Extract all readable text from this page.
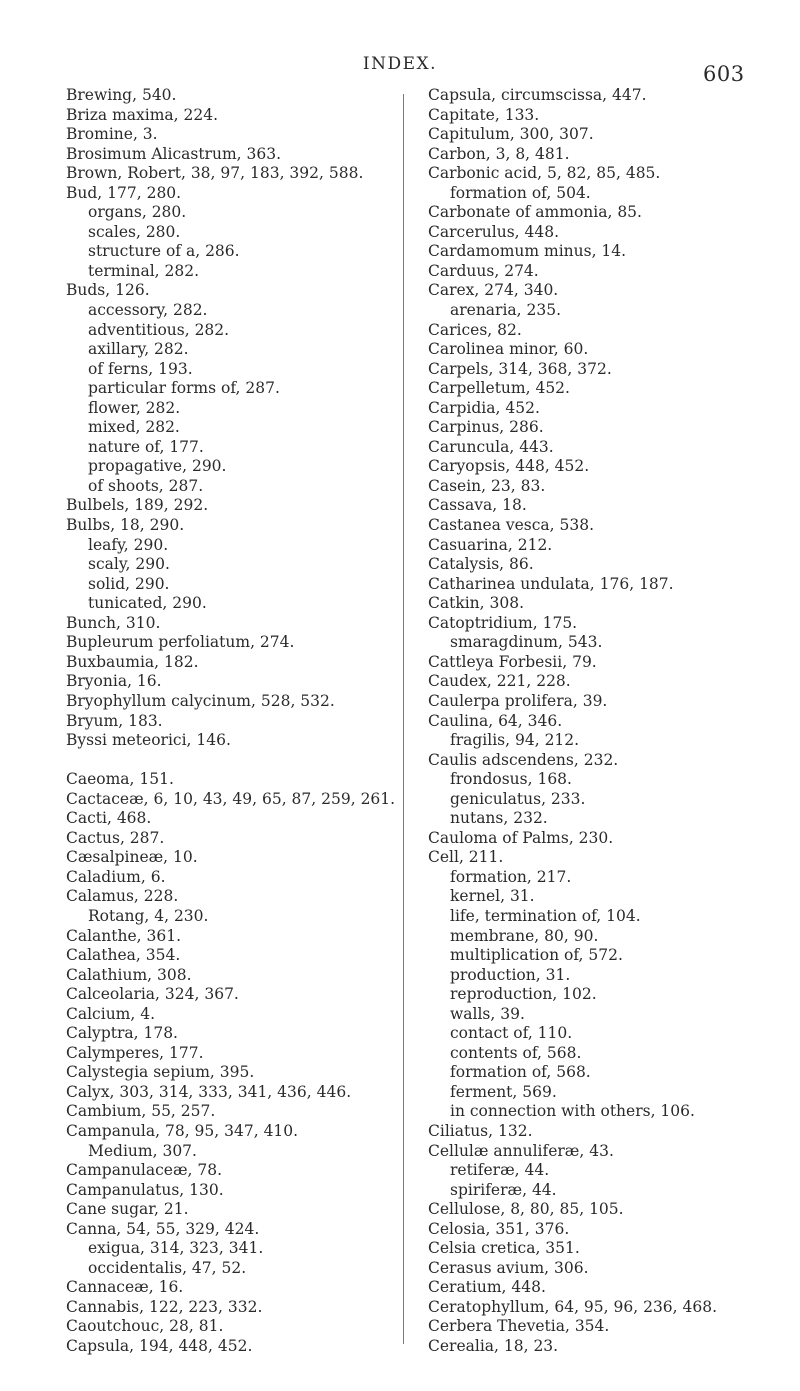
INDEX.	603
Brewing, 540.
Briza maxima, 224.
Bromine, 3.
Brosimum Alicastrum, 363.
Brown, Robert, 38, 97, 183, 392, 588.
Bud, 177, 280.
organs, 280.
scales, 280.
structure of a, 286.
terminal, 282.
Buds, 126.
accessory, 282.
adventitious, 282.
axillary, 282.
of ferns, 193.
particular forms of, 287.
flower, 282.
mixed, 282.
nature of, 177.
propagative, 290.
of shoots, 287.
Bulbels, 189, 292.
Bulbs, 18, 290.
leafy, 290.
scaly, 290.
solid, 290.
tunicated, 290.
Bunch, 310.
Bupleurum perfoliatum, 274.
Buxbaumia, 182.
Bryonia, 16.
Bryophyllum calycinum, 528, 532.
Bryum, 183.
Byssi meteorici, 146.
Caeoma, 151.
Cactaceæ, 6, 10, 43, 49, 65, 87, 259, 261.
Cacti, 468.
Cactus, 287.
Cæsalpineæ, 10.
Caladium, 6.
Calamus, 228.
Rotang, 4, 230.
Calanthe, 361.
Calathea, 354.
Calathium, 308.
Calceolaria, 324, 367.
Calcium, 4.
Calyptra, 178.
Calymperes, 177.
Calystegia sepium, 395.
Calyx, 303, 314, 333, 341, 436, 446.
Cambium, 55, 257.
Campanula, 78, 95, 347, 410.
Medium, 307.
Campanulaceæ, 78.
Campanulatus, 130.
Cane sugar, 21.
Canna, 54, 55, 329, 424.
exigua, 314, 323, 341.
occidentalis, 47, 52.
Cannaceæ, 16.
Cannabis, 122, 223, 332.
Caoutchouc, 28, 81.
Capsula, 194, 448, 452.
Capsula, circumscissa, 447.
Capitate, 133.
Capitulum, 300, 307.
Carbon, 3, 8, 481.
Carbonic acid, 5, 82, 85, 485.
formation of, 504.
Carbonate of ammonia, 85.
Carcerulus, 448.
Cardamomum minus, 14.
Carduus, 274.
Carex, 274, 340.
arenaria, 235.
Carices, 82.
Carolinea minor, 60.
Carpels, 314, 368, 372.
Carpelletum, 452.
Carpidia, 452.
Carpinus, 286.
Caruncula, 443.
Caryopsis, 448, 452.
Casein, 23, 83.
Cassava, 18.
Castanea vesca, 538.
Casuarina, 212.
Catalysis, 86.
Catharinea undulata, 176, 187.
Catkin, 308.
Catoptridium, 175.
smaragdinum, 543.
Cattleya Forbesii, 79.
Caudex, 221, 228.
Caulerpa prolifera, 39.
Caulina, 64, 346.
fragilis, 94, 212.
Caulis adscendens, 232.
frondosus, 168.
geniculatus, 233.
nutans, 232.
Cauloma of Palms, 230.
Cell, 211.
formation, 217.
kernel, 31.
life, termination of, 104.
membrane, 80, 90.
multiplication of, 572.
production, 31.
reproduction, 102.
walls, 39.
contact of, 110.
contents of, 568.
formation of, 568.
ferment, 569.
in connection with others, 106.
Ciliatus, 132.
Cellulæ annuliferæ, 43.
retiferæ, 44.
spiriferæ, 44.
Cellulose, 8, 80, 85, 105.
Celosia, 351, 376.
Celsia cretica, 351.
Cerasus avium, 306.
Ceratium, 448.
Ceratophyllum, 64, 95, 96, 236, 468.
Cerbera Thevetia, 354.
Cerealia, 18, 23.
